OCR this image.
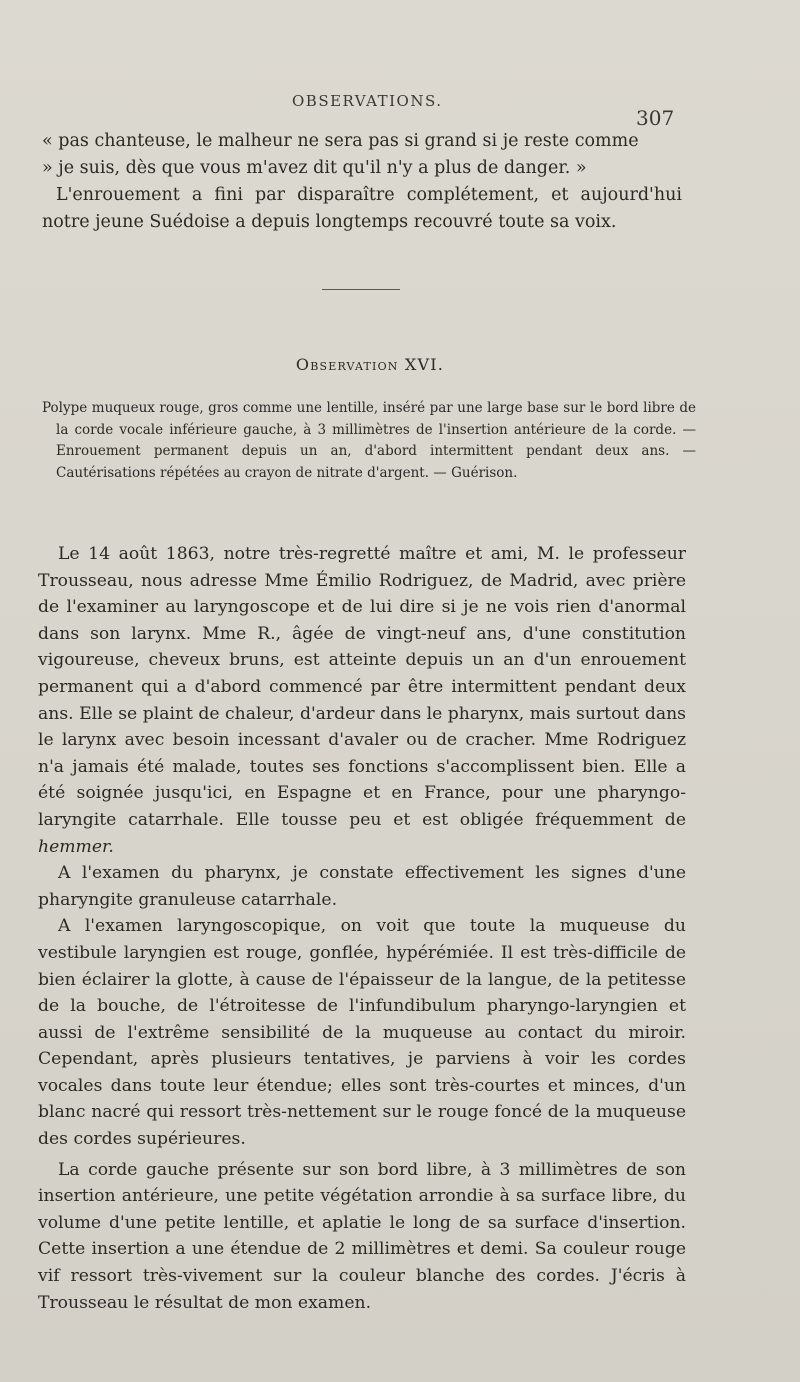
OBSERVATIONS.
307

« pas chanteuse, le malheur ne sera pas si grand si je reste comme

» je suis, dès que vous m'avez dit qu'il n'y a plus de danger. »

L'enrouement a fini par disparaître complétement, et aujourd'hui notre jeune Suédoise a depuis longtemps recouvré toute sa voix.

Observation XVI.
Polype muqueux rouge, gros comme une lentille, inséré par une large base sur le bord libre de la corde vocale inférieure gauche, à 3 millimètres de l'insertion antérieure de la corde. — Enrouement permanent depuis un an, d'abord intermittent pendant deux ans. — Cautérisations répétées au crayon de nitrate d'argent. — Guérison.

Le 14 août 1863, notre très-regretté maître et ami, M. le professeur Trousseau, nous adresse Mme Émilio Rodriguez, de Madrid, avec prière de l'examiner au laryngoscope et de lui dire si je ne vois rien d'anormal dans son larynx. Mme R., âgée de vingt-neuf ans, d'une constitution vigoureuse, cheveux bruns, est atteinte depuis un an d'un enrouement permanent qui a d'abord commencé par être intermittent pendant deux ans. Elle se plaint de chaleur, d'ardeur dans le pharynx, mais surtout dans le larynx avec besoin incessant d'avaler ou de cracher. Mme Rodriguez n'a jamais été malade, toutes ses fonctions s'accomplissent bien. Elle a été soignée jusqu'ici, en Espagne et en France, pour une pharyngo-laryngite catarrhale. Elle tousse peu et est obligée fréquemment de hemmer.

A l'examen du pharynx, je constate effectivement les signes d'une pharyngite granuleuse catarrhale.

A l'examen laryngoscopique, on voit que toute la muqueuse du vestibule laryngien est rouge, gonflée, hypérémiée. Il est très-difficile de bien éclairer la glotte, à cause de l'épaisseur de la langue, de la petitesse de la bouche, de l'étroitesse de l'infundibulum pharyngo-laryngien et aussi de l'extrême sensibilité de la muqueuse au contact du miroir. Cependant, après plusieurs tentatives, je parviens à voir les cordes vocales dans toute leur étendue; elles sont très-courtes et minces, d'un blanc nacré qui ressort très-nettement sur le rouge foncé de la muqueuse des cordes supérieures.

La corde gauche présente sur son bord libre, à 3 millimètres de son insertion antérieure, une petite végétation arrondie à sa surface libre, du volume d'une petite lentille, et aplatie le long de sa surface d'insertion. Cette insertion a une étendue de 2 millimètres et demi. Sa couleur rouge vif ressort très-vivement sur la couleur blanche des cordes. J'écris à Trousseau le résultat de mon examen.
